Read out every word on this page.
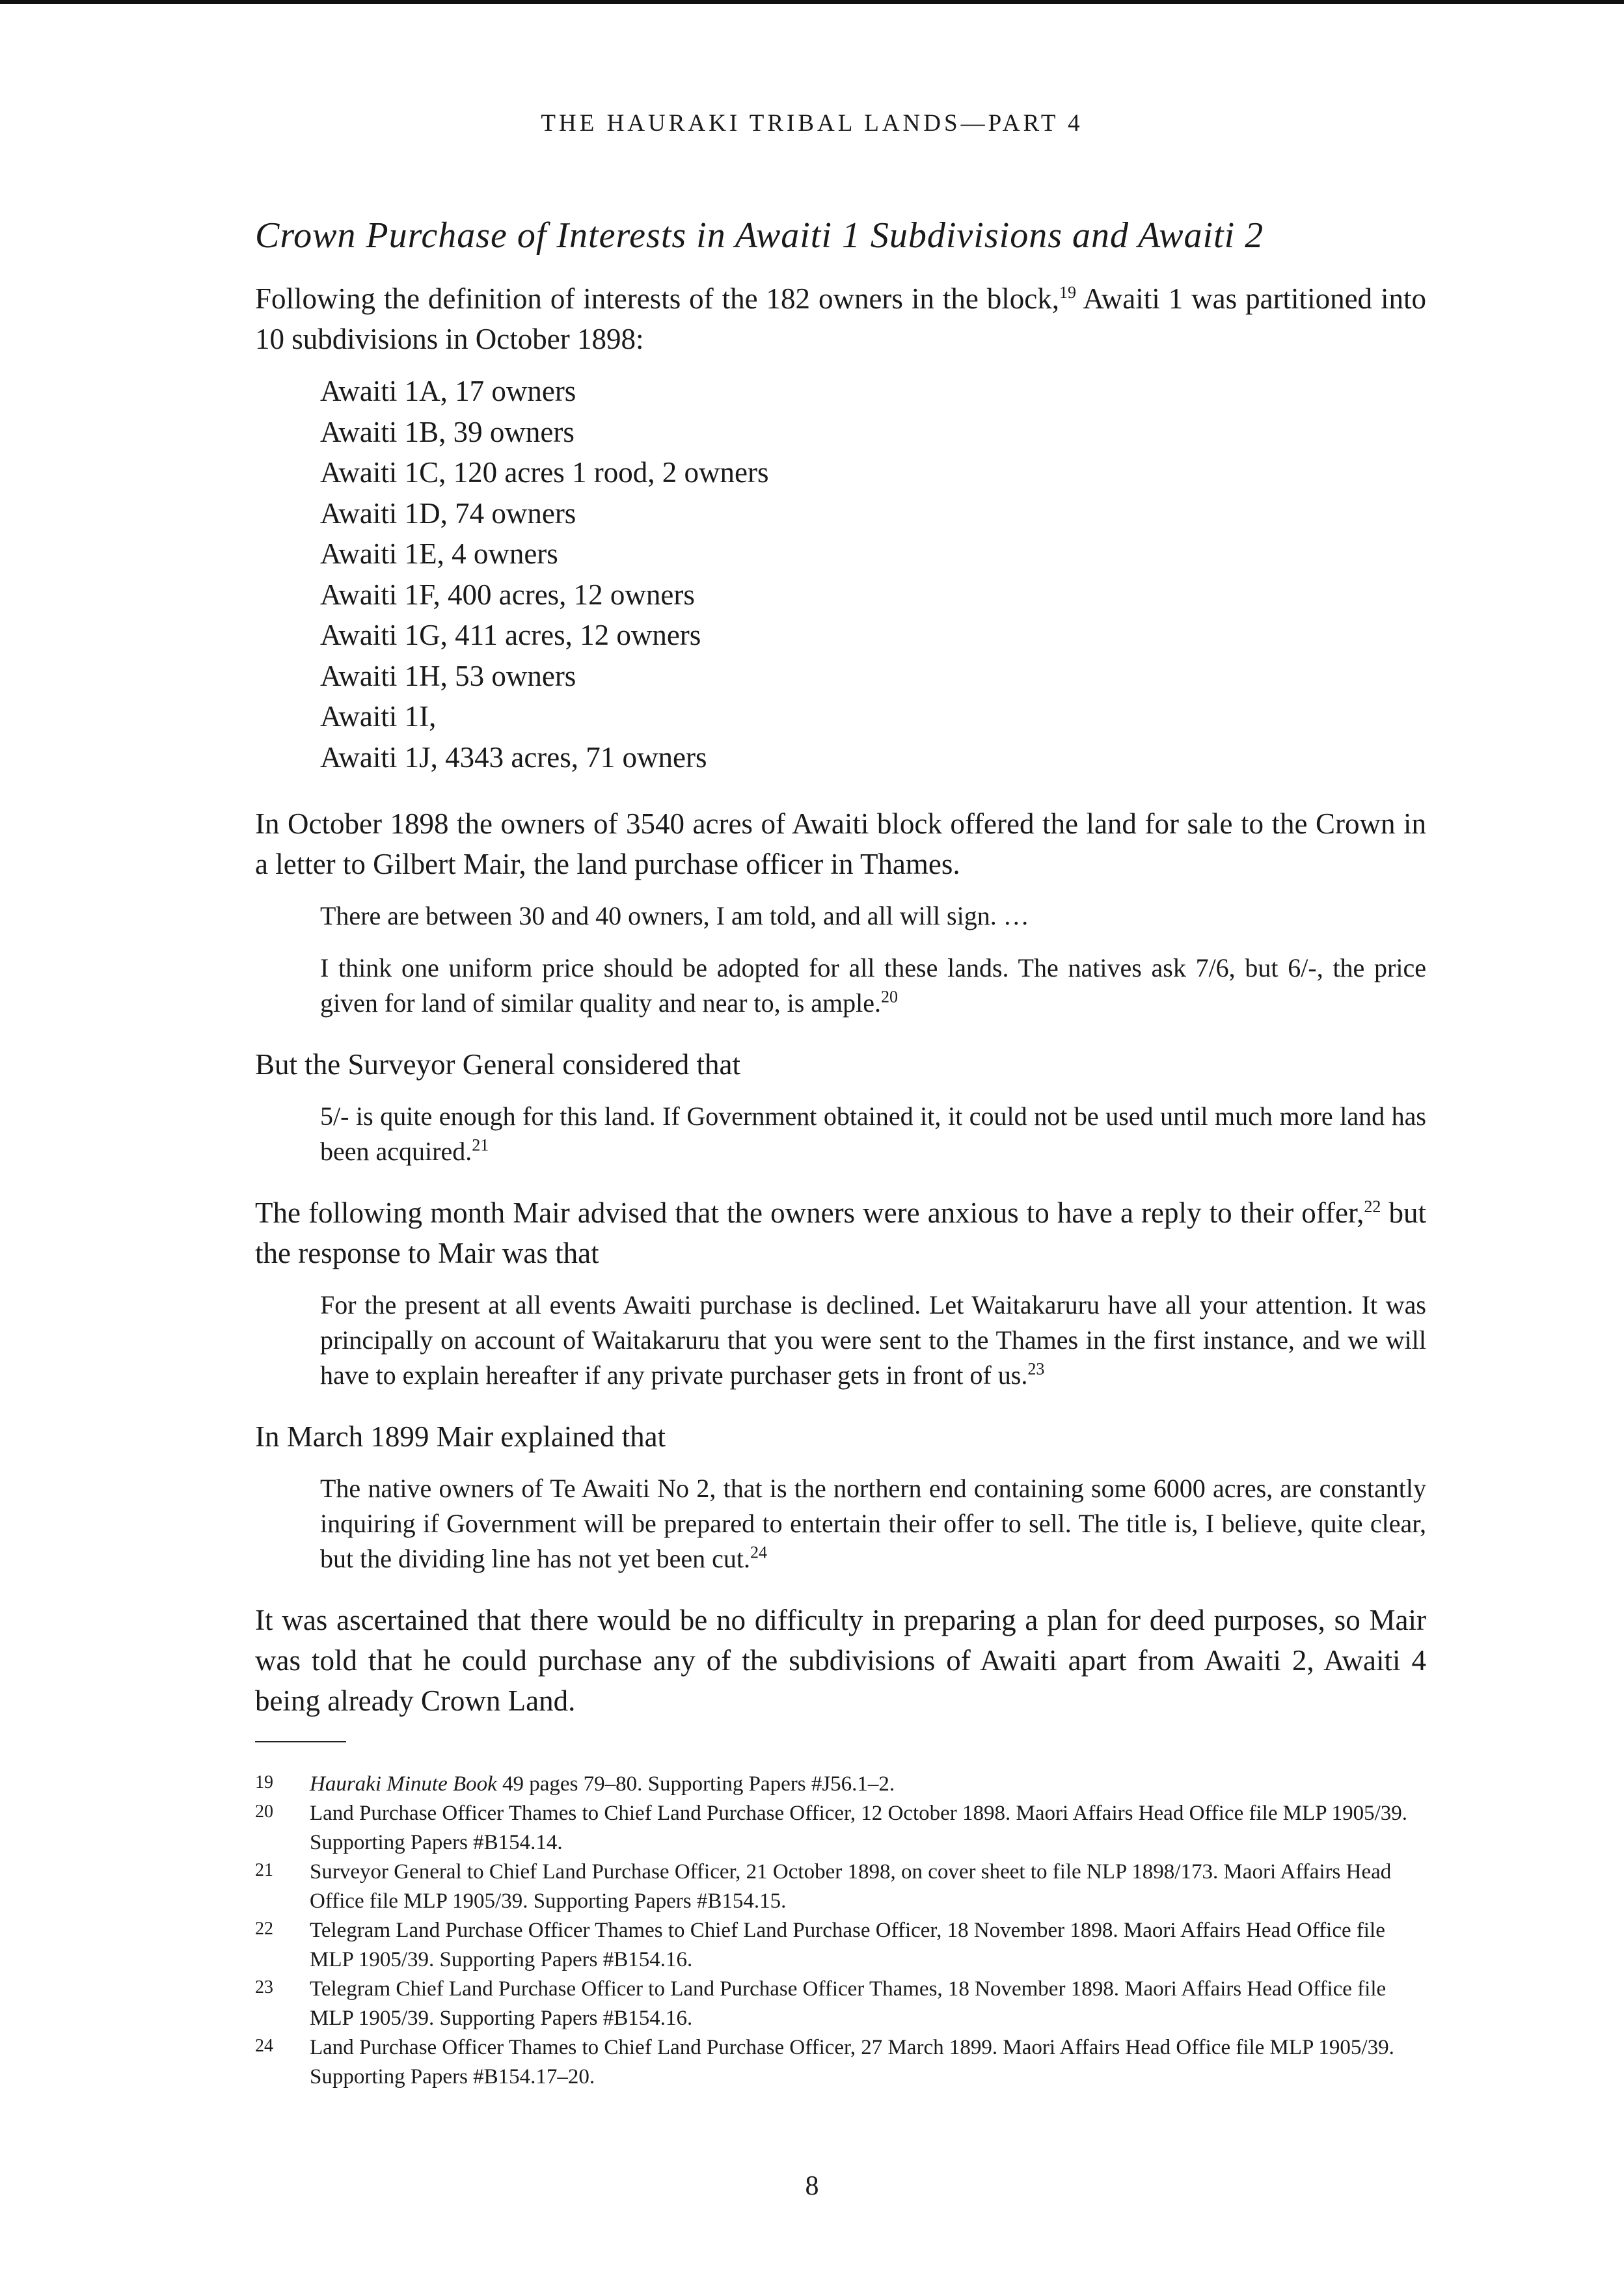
THE HAURAKI TRIBAL LANDS—PART 4
Crown Purchase of Interests in Awaiti 1 Subdivisions and Awaiti 2

Following the definition of interests of the 182 owners in the block,$^{19}$ Awaiti 1 was partitioned into 10 subdivisions in October 1898:

Awaiti 1A, 17 owners
Awaiti 1B, 39 owners
Awaiti 1C, 120 acres 1 rood, 2 owners
Awaiti 1D, 74 owners
Awaiti 1E, 4 owners
Awaiti 1F, 400 acres, 12 owners
Awaiti 1G, 411 acres, 12 owners
Awaiti 1H, 53 owners
Awaiti 1I,
Awaiti 1J, 4343 acres, 71 owners

In October 1898 the owners of 3540 acres of Awaiti block offered the land for sale to the Crown in a letter to Gilbert Mair, the land purchase officer in Thames.

There are between 30 and 40 owners, I am told, and all will sign. …

I think one uniform price should be adopted for all these lands. The natives ask 7/6, but 6/-, the price given for land of similar quality and near to, is ample.$^{20}$

But the Surveyor General considered that

5/- is quite enough for this land. If Government obtained it, it could not be used until much more land has been acquired.$^{21}$

The following month Mair advised that the owners were anxious to have a reply to their offer,$^{22}$ but the response to Mair was that

For the present at all events Awaiti purchase is declined. Let Waitakaruru have all your attention. It was principally on account of Waitakaruru that you were sent to the Thames in the first instance, and we will have to explain hereafter if any private purchaser gets in front of us.$^{23}$

In March 1899 Mair explained that

The native owners of Te Awaiti No 2, that is the northern end containing some 6000 acres, are constantly inquiring if Government will be prepared to entertain their offer to sell. The title is, I believe, quite clear, but the dividing line has not yet been cut.$^{24}$

It was ascertained that there would be no difficulty in preparing a plan for deed purposes, so Mair was told that he could purchase any of the subdivisions of Awaiti apart from Awaiti 2, Awaiti 4 being already Crown Land.

19	Hauraki Minute Book 49 pages 79–80. Supporting Papers #J56.1–2.
20	Land Purchase Officer Thames to Chief Land Purchase Officer, 12 October 1898. Maori Affairs Head Office file MLP 1905/39. Supporting Papers #B154.14.
21	Surveyor General to Chief Land Purchase Officer, 21 October 1898, on cover sheet to file NLP 1898/173. Maori Affairs Head Office file MLP 1905/39. Supporting Papers #B154.15.
22	Telegram Land Purchase Officer Thames to Chief Land Purchase Officer, 18 November 1898. Maori Affairs Head Office file MLP 1905/39. Supporting Papers #B154.16.
23	Telegram Chief Land Purchase Officer to Land Purchase Officer Thames, 18 November 1898. Maori Affairs Head Office file MLP 1905/39. Supporting Papers #B154.16.
24	Land Purchase Officer Thames to Chief Land Purchase Officer, 27 March 1899. Maori Affairs Head Office file MLP 1905/39. Supporting Papers #B154.17–20.
8
